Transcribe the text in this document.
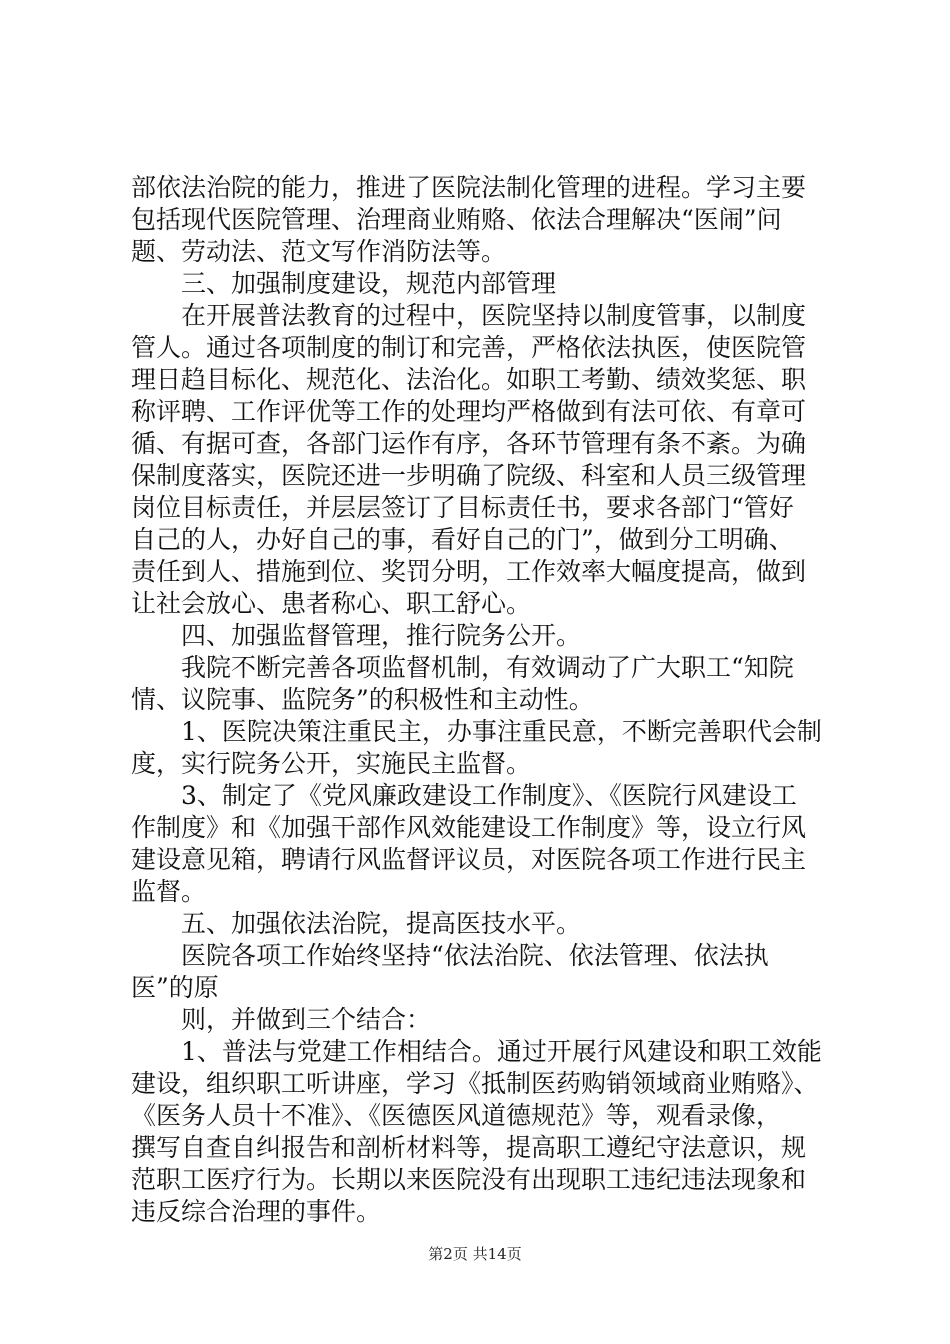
部依法治院的能力，推进了医院法制化管理的进程。学习主要
包括现代医院管理、治理商业贿赂、依法合理解决“医闹”问
题、劳动法、范文写作消防法等。
三、加强制度建设，规范内部管理
在开展普法教育的过程中，医院坚持以制度管事，以制度
管人。通过各项制度的制订和完善，严格依法执医，使医院管
理日趋目标化、规范化、法治化。如职工考勤、绩效奖惩、职
称评聘、工作评优等工作的处理均严格做到有法可依、有章可
循、有据可查，各部门运作有序，各环节管理有条不紊。为确
保制度落实，医院还进一步明确了院级、科室和人员三级管理
岗位目标责任，并层层签订了目标责任书，要求各部门“管好
自己的人，办好自己的事，看好自己的门”，做到分工明确、
责任到人、措施到位、奖罚分明，工作效率大幅度提高，做到
让社会放心、患者称心、职工舒心。
四、加强监督管理，推行院务公开。
我院不断完善各项监督机制，有效调动了广大职工“知院
情、议院事、监院务”的积极性和主动性。
1、医院决策注重民主，办事注重民意，不断完善职代会制
度，实行院务公开，实施民主监督。
3、制定了《党风廉政建设工作制度》、《医院行风建设工
作制度》和《加强干部作风效能建设工作制度》等，设立行风
建设意见箱，聘请行风监督评议员，对医院各项工作进行民主
监督。
五、加强依法治院，提高医技水平。
医院各项工作始终坚持“依法治院、依法管理、依法执
医”的原
则，并做到三个结合：
1、普法与党建工作相结合。通过开展行风建设和职工效能
建设，组织职工听讲座，学习《抵制医药购销领域商业贿赂》、
《医务人员十不准》、《医德医风道德规范》等，观看录像，
撰写自查自纠报告和剖析材料等，提高职工遵纪守法意识，规
范职工医疗行为。长期以来医院没有出现职工违纪违法现象和
违反综合治理的事件。
第2页 共14页
